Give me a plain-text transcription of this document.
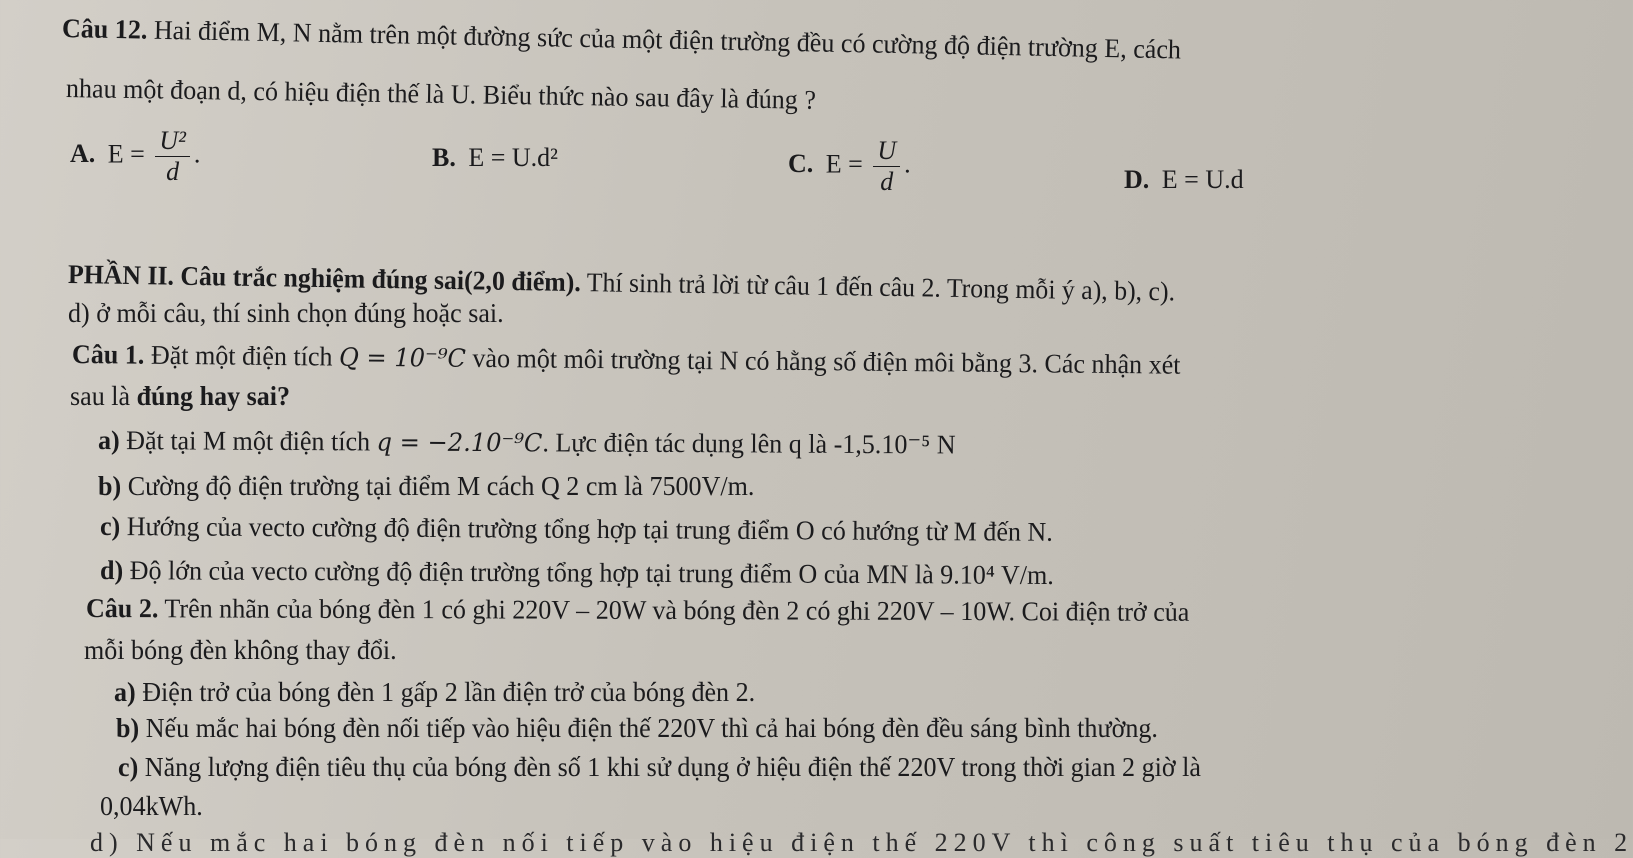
Câu 12. Hai điểm M, N nằm trên một đường sức của một điện trường đều có cường độ điện trường E, cách
nhau một đoạn d, có hiệu điện thế là U. Biểu thức nào sau đây là đúng ?
A. $E = \frac{\text{U²}}{d}$ .	B. E = U.d²	C. $E = \frac{U}{d}$ .
D. E = U.d
PHẦN II. Câu trắc nghiệm đúng sai(2,0 điểm). Thí sinh trả lời từ câu 1 đến câu 2. Trong mỗi ý a), b), c).
d) ở mỗi câu, thí sinh chọn đúng hoặc sai.
Câu 1. Đặt một điện tích Q = 10⁻⁹C vào một môi trường tại N có hằng số điện môi bằng 3. Các nhận xét
sau là đúng hay sai?
a) Đặt tại M một điện tích q = −2.10⁻⁹C. Lực điện tác dụng lên q là -1,5.10⁻⁵ N
b) Cường độ điện trường tại điểm M cách Q 2 cm là 7500V/m.
c) Hướng của vecto cường độ điện trường tổng hợp tại trung điểm O có hướng từ M đến N.
d) Độ lớn của vecto cường độ điện trường tổng hợp tại trung điểm O của MN là 9.10⁴ V/m.
Câu 2. Trên nhãn của bóng đèn 1 có ghi 220V – 20W và bóng đèn 2 có ghi 220V – 10W. Coi điện trở của
mỗi bóng đèn không thay đổi.
a) Điện trở của bóng đèn 1 gấp 2 lần điện trở của bóng đèn 2.
b) Nếu mắc hai bóng đèn nối tiếp vào hiệu điện thế 220V thì cả hai bóng đèn đều sáng bình thường.
c) Năng lượng điện tiêu thụ của bóng đèn số 1 khi sử dụng ở hiệu điện thế 220V trong thời gian 2 giờ là
0,04kWh.
d) Nếu mắc hai bóng đèn nối tiếp vào hiệu điện thế 220V thì công suất tiêu thụ của bóng đèn 2
